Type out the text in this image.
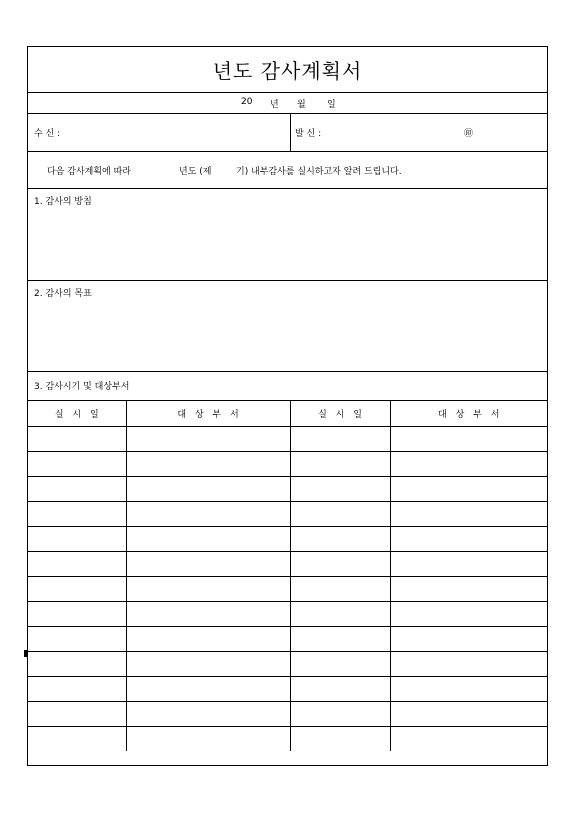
년도 감사계획서
20 년 월 일
수 신 :	발 신 :	㊞
다음 감사계획에 따라	년도 (제	기) 내부감사를 실시하고자 알려 드립니다.
1. 감사의 방침
2. 감사의 목표
3. 감사시기 및 대상부서
실 시 일	대 상 부 서	실 시 일	대 상 부 서
